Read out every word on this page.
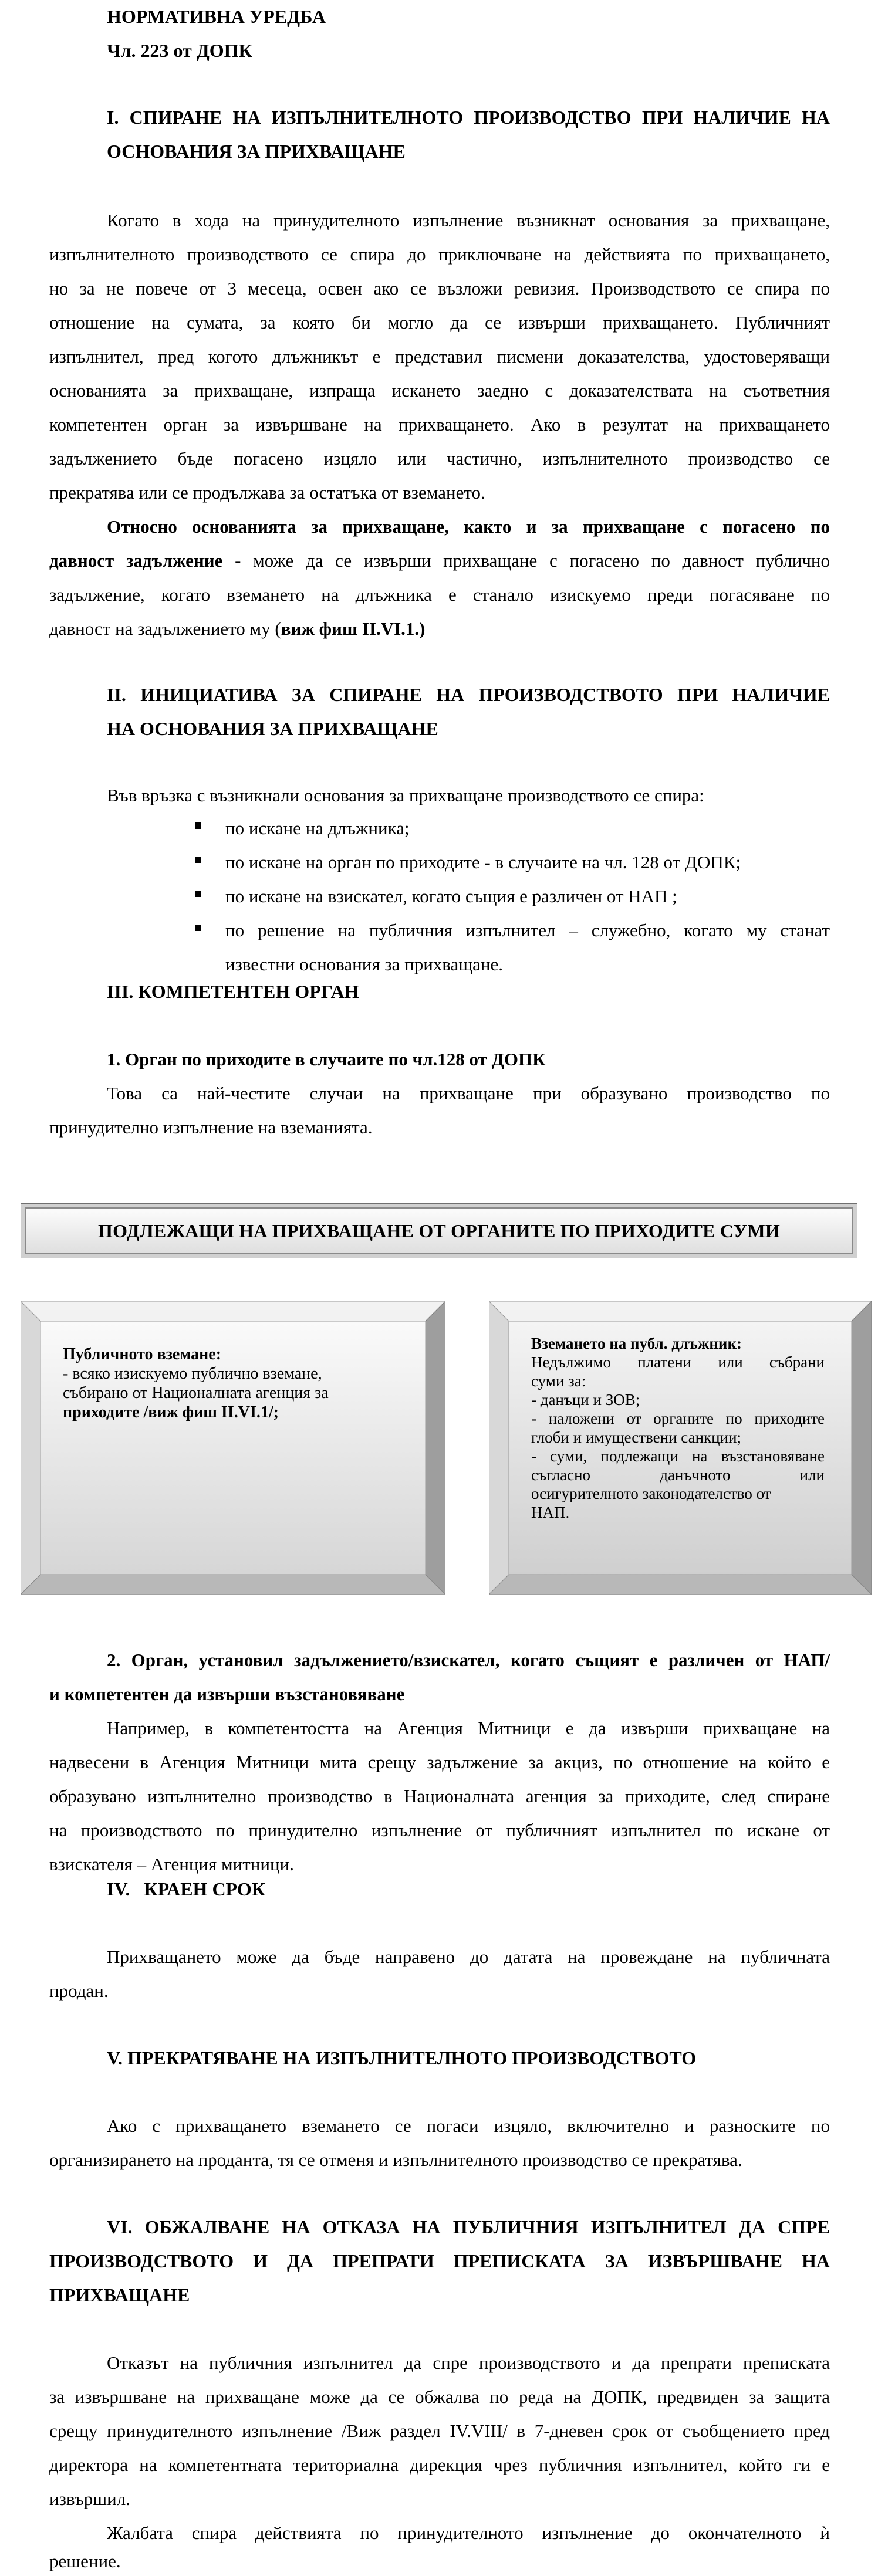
НОРМАТИВНА УРЕДБА
Чл. 223 от ДОПК
I. СПИРАНЕ НА ИЗПЪЛНИТЕЛНОТО ПРОИЗВОДСТВО ПРИ НАЛИЧИЕ НА
ОСНОВАНИЯ ЗА ПРИХВАЩАНЕ
Когато в хода на принудителното изпълнение възникнат основания за прихващане,
изпълнителното производството се спира до приключване на действията по прихващането,
но за не повече от 3 месеца, освен ако се възложи ревизия. Производството се спира по
отношение на сумата, за която би могло да се извърши прихващането. Публичният
изпълнител, пред когото длъжникът е представил писмени доказателства, удостоверяващи
основанията за прихващане, изпраща искането заедно с доказателствата на съответния
компетентен орган за извършване на прихващането. Ако в резултат на прихващането
задължението бъде погасено изцяло или частично, изпълнителното производство се
прекратява или се продължава за остатъка от вземането.
Относно основанията за прихващане, както и за прихващане с погасено по
давност задължение - може да се извърши прихващане с погасено по давност публично
задължение, когато вземането на длъжника е станало изискуемо преди погасяване по
давност на задължението му (виж фиш II.VI.1.)
II. ИНИЦИАТИВА ЗА СПИРАНЕ НА ПРОИЗВОДСТВОТО ПРИ НАЛИЧИЕ
НА ОСНОВАНИЯ ЗА ПРИХВАЩАНЕ
Във връзка с възникнали основания за прихващане производството се спира:
по искане на длъжника;
по искане на орган по приходите - в случаите на чл. 128 от ДОПК;
по искане на взискател, когато същия е различен от НАП ;
по решение на публичния изпълнител – служебно, когато му станат
известни основания за прихващане.
III. КОМПЕТЕНТЕН ОРГАН
1. Орган по приходите в случаите по чл.128 от ДОПК
Това са най-честите случаи на прихващане при образувано производство по
принудително изпълнение на вземанията.
ПОДЛЕЖАЩИ НА ПРИХВАЩАНЕ ОТ ОРГАНИТЕ ПО ПРИХОДИТЕ СУМИ
Публичното вземане:
- всяко изискуемо публично вземане,
събирано от Националната агенция за
приходите /виж фиш II.VI.1/;
Вземането на публ. длъжник:
Недължимо платени или събрани
суми за:
- данъци и ЗОВ;
- наложени от органите по приходите
глоби и имуществени санкции;
- суми, подлежащи на възстановяване
съгласно данъчното или
осигурителното законодателство от
НАП.
2. Орган, установил задължението/взискател, когато същият е различен от НАП/
и компетентен да извърши възстановяване
Например, в компетентостта на Агенция Митници е да извърши прихващане на
надвесени в Агенция Митници мита срещу задължение за акциз, по отношение на който е
образувано изпълнително производство в Националната агенция за приходите, след спиране
на производството по принудително изпълнение от публичният изпълнител по искане от
взискателя – Агенция митници.
IV.   КРАЕН СРОК
Прихващането може да бъде направено до датата на провеждане на публичната
продан.
V. ПРЕКРАТЯВАНЕ НА ИЗПЪЛНИТЕЛНОТО ПРОИЗВОДСТВОТО
Ако с прихващането вземането се погаси изцяло, включително и разноските по
организирането на проданта, тя се отменя и изпълнителното производство се прекратява.
VI. ОБЖАЛВАНЕ НА ОТКАЗА НА ПУБЛИЧНИЯ ИЗПЪЛНИТЕЛ ДА СПРЕ
ПРОИЗВОДСТВОТО И ДА ПРЕПРАТИ ПРЕПИСКАТА ЗА ИЗВЪРШВАНЕ НА
ПРИХВАЩАНЕ
Отказът на публичния изпълнител да спре производството и да препрати преписката
за извършване на прихващане може да се обжалва по реда на ДОПК, предвиден за защита
срещу принудителното изпълнение /Виж раздел IV.VIII/ в 7-дневен срок от съобщението пред
директора на компетентната териториална дирекция чрез публичния изпълнител, който ги е
извършил.
Жалбата спира действията по принудителното изпълнение до окончателното ѝ
решение.
